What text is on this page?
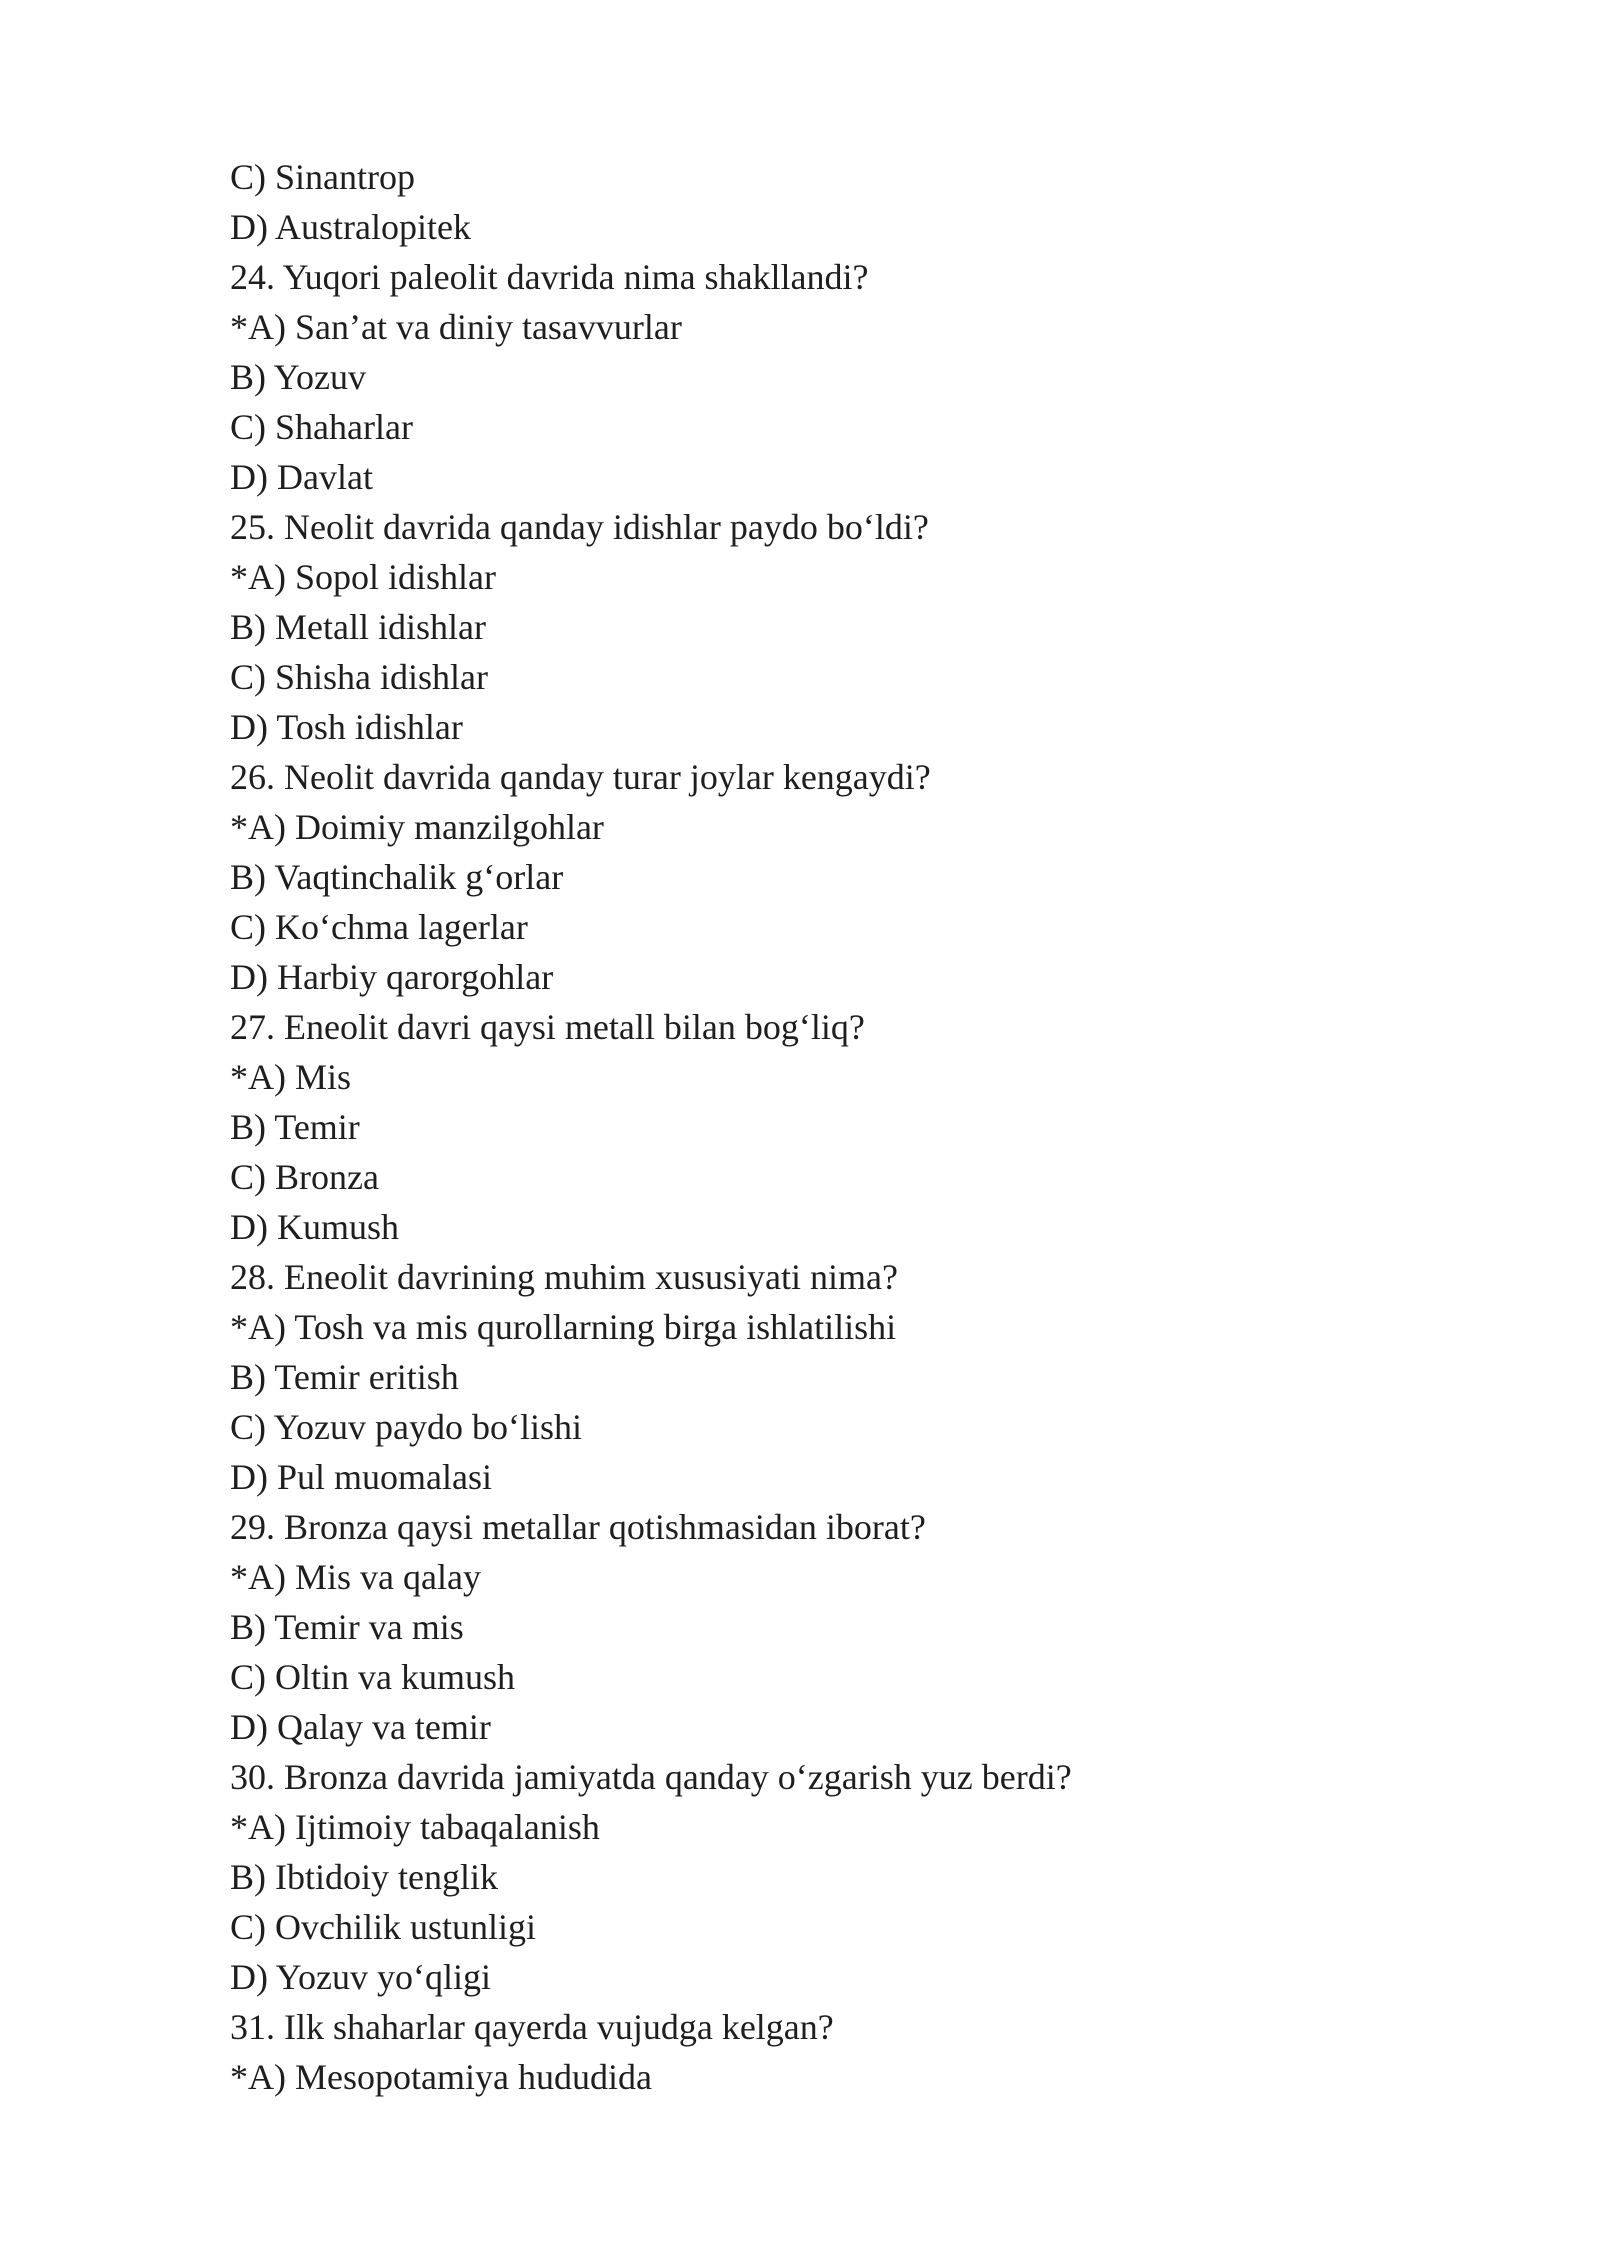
C) Sinantrop
D) Australopitek
24. Yuqori paleolit davrida nima shakllandi?
*A) San’at va diniy tasavvurlar
B) Yozuv
C) Shaharlar
D) Davlat
25. Neolit davrida qanday idishlar paydo bo‘ldi?
*A) Sopol idishlar
B) Metall idishlar
C) Shisha idishlar
D) Tosh idishlar
26. Neolit davrida qanday turar joylar kengaydi?
*A) Doimiy manzilgohlar
B) Vaqtinchalik g‘orlar
C) Ko‘chma lagerlar
D) Harbiy qarorgohlar
27. Eneolit davri qaysi metall bilan bog‘liq?
*A) Mis
B) Temir
C) Bronza
D) Kumush
28. Eneolit davrining muhim xususiyati nima?
*A) Tosh va mis qurollarning birga ishlatilishi
B) Temir eritish
C) Yozuv paydo bo‘lishi
D) Pul muomalasi
29. Bronza qaysi metallar qotishmasidan iborat?
*A) Mis va qalay
B) Temir va mis
C) Oltin va kumush
D) Qalay va temir
30. Bronza davrida jamiyatda qanday o‘zgarish yuz berdi?
*A) Ijtimoiy tabaqalanish
B) Ibtidoiy tenglik
C) Ovchilik ustunligi
D) Yozuv yo‘qligi
31. Ilk shaharlar qayerda vujudga kelgan?
*A) Mesopotamiya hududida
